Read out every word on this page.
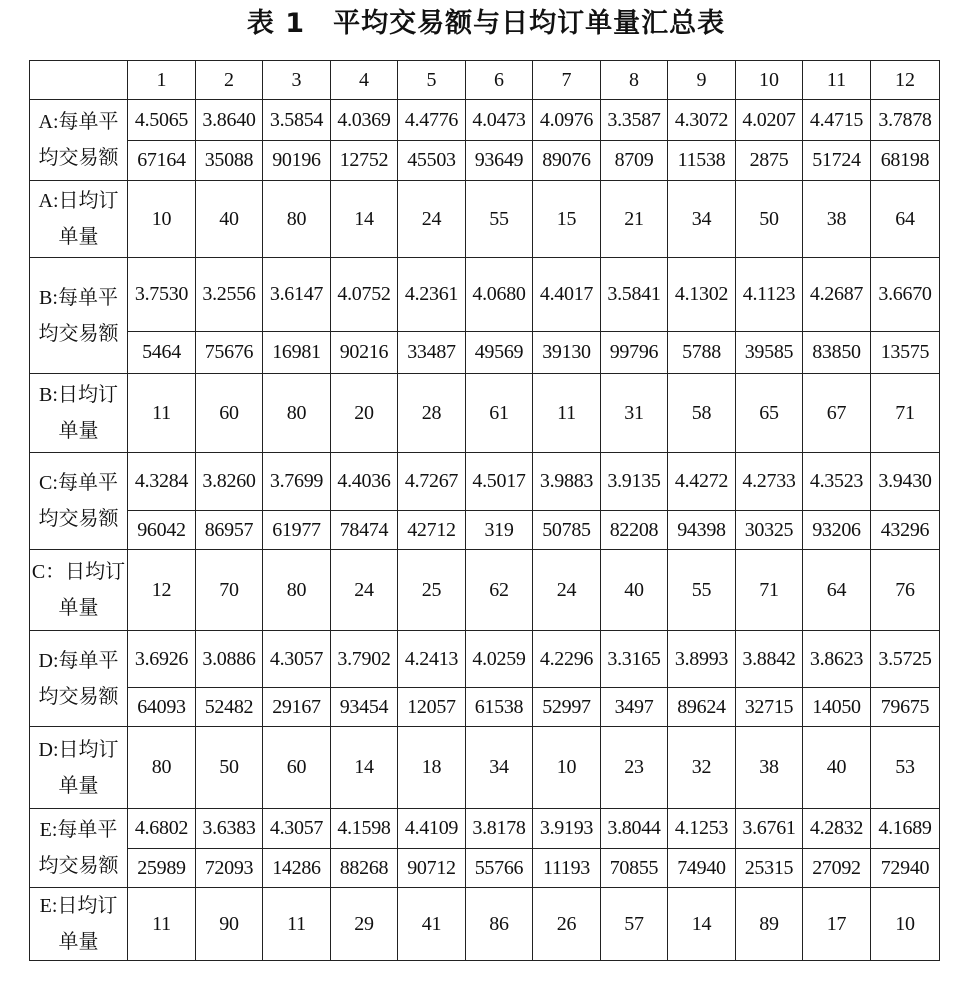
表 1 平均交易额与日均订单量汇总表
	1	2	3	4	5	6	7	8	9	10	11	12
A:每单平均交易额	4.5065	3.8640	3.5854	4.0369	4.4776	4.0473	4.0976	3.3587	4.3072	4.0207	4.4715	3.7878
	67164	35088	90196	12752	45503	93649	89076	8709	11538	2875	51724	68198
A:日均订单量	10	40	80	14	24	55	15	21	34	50	38	64
B:每单平均交易额	3.7530	3.2556	3.6147	4.0752	4.2361	4.0680	4.4017	3.5841	4.1302	4.1123	4.2687	3.6670
	5464	75676	16981	90216	33487	49569	39130	99796	5788	39585	83850	13575
B:日均订单量	11	60	80	20	28	61	11	31	58	65	67	71
C:每单平均交易额	4.3284	3.8260	3.7699	4.4036	4.7267	4.5017	3.9883	3.9135	4.4272	4.2733	4.3523	3.9430
	96042	86957	61977	78474	42712	319	50785	82208	94398	30325	93206	43296
C：日均订单量	12	70	80	24	25	62	24	40	55	71	64	76
D:每单平均交易额	3.6926	3.0886	4.3057	3.7902	4.2413	4.0259	4.2296	3.3165	3.8993	3.8842	3.8623	3.5725
	64093	52482	29167	93454	12057	61538	52997	3497	89624	32715	14050	79675
D:日均订单量	80	50	60	14	18	34	10	23	32	38	40	53
E:每单平均交易额	4.6802	3.6383	4.3057	4.1598	4.4109	3.8178	3.9193	3.8044	4.1253	3.6761	4.2832	4.1689
	25989	72093	14286	88268	90712	55766	11193	70855	74940	25315	27092	72940
E:日均订单量	11	90	11	29	41	86	26	57	14	89	17	10
